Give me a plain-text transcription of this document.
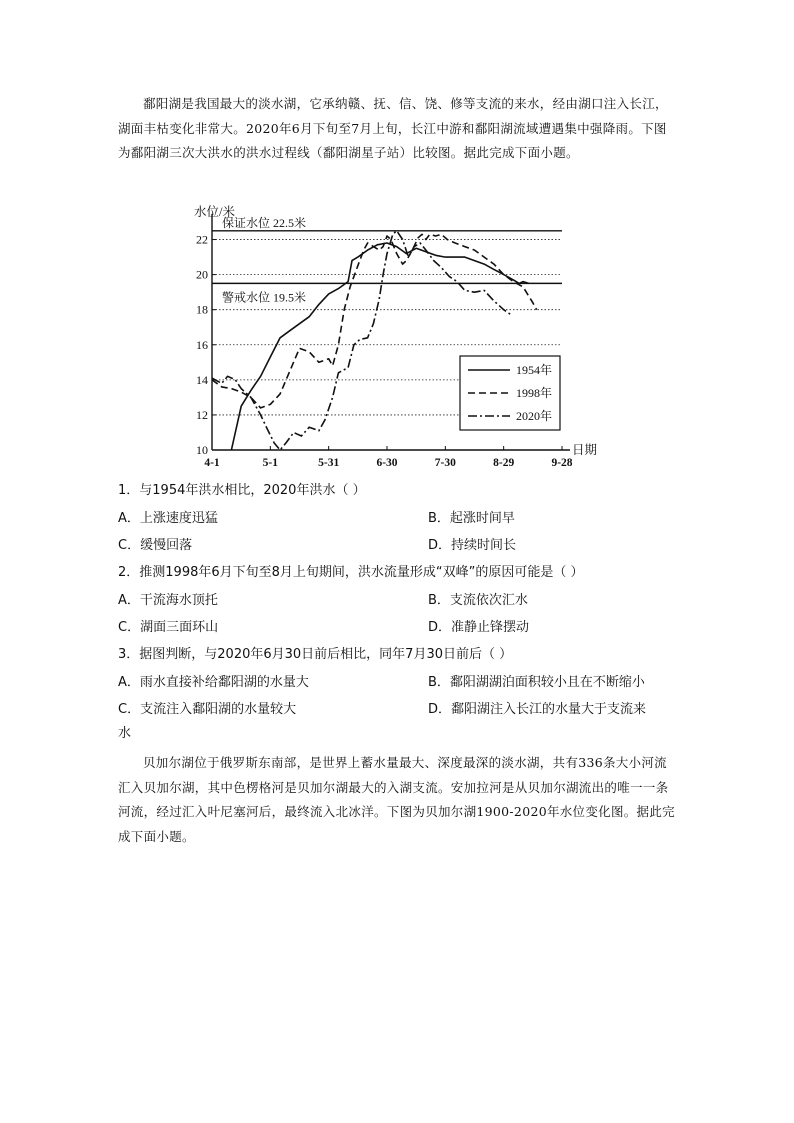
鄱阳湖是我国最大的淡水湖，它承纳赣、抚、信、饶、修等支流的来水，经由湖口注入长江，湖面丰枯变化非常大。2020年6月下旬至7月上旬，长江中游和鄱阳湖流域遭遇集中强降雨。下图为鄱阳湖三次大洪水的洪水过程线（鄱阳湖星子站）比较图。据此完成下面小题。

1954年
1998年
2020年
保证水位 22.5米
警戒水位 19.5米
10
12
14
16
18
20
22
4-1	5-1	5-31	6-30	7-30	8-29	9-28
水位/米
日期

1．与1954年洪水相比，2020年洪水（ ）

A．上涨速度迅猛	B．起涨时间早

C．缓慢回落	D．持续时间长

2．推测1998年6月下旬至8月上旬期间，洪水流量形成“双峰”的原因可能是（ ）

A．干流海水顶托	B．支流依次汇水

C．湖面三面环山	D．准静止锋摆动

3．据图判断，与2020年6月30日前后相比，同年7月30日前后（ ）

A．雨水直接补给鄱阳湖的水量大	B．鄱阳湖湖泊面积较小且在不断缩小

C．支流注入鄱阳湖的水量较大	D．鄱阳湖注入长江的水量大于支流来

水

贝加尔湖位于俄罗斯东南部，是世界上蓄水量最大、深度最深的淡水湖，共有336条大小河流汇入贝加尔湖，其中色楞格河是贝加尔湖最大的入湖支流。安加拉河是从贝加尔湖流出的唯一一条河流，经过汇入叶尼塞河后，最终流入北冰洋。下图为贝加尔湖1900-2020年水位变化图。据此完成下面小题。
